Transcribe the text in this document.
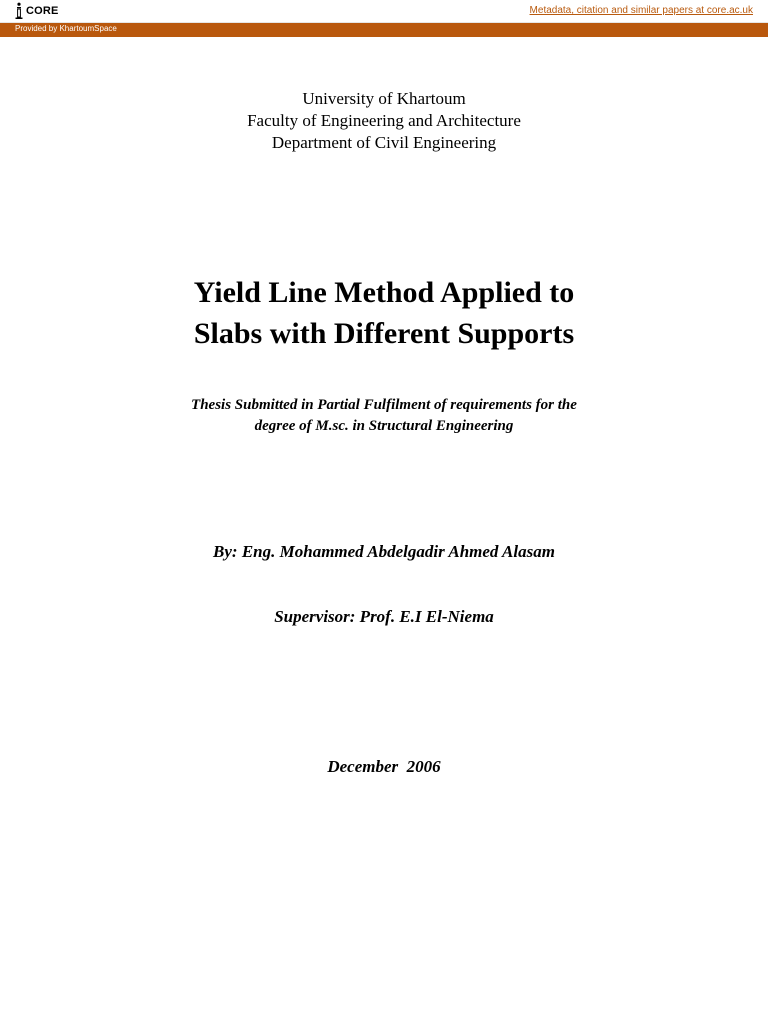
CORE	Metadata, citation and similar papers at core.ac.uk
Provided by KhartoumSpace
University of Khartoum
Faculty of Engineering and Architecture
Department of Civil Engineering
Yield Line Method Applied to
Slabs with Different Supports
Thesis Submitted in Partial Fulfilment of requirements for the
degree of M.sc. in Structural Engineering
By: Eng. Mohammed Abdelgadir Ahmed Alasam
Supervisor: Prof. E.I El-Niema
December  2006
